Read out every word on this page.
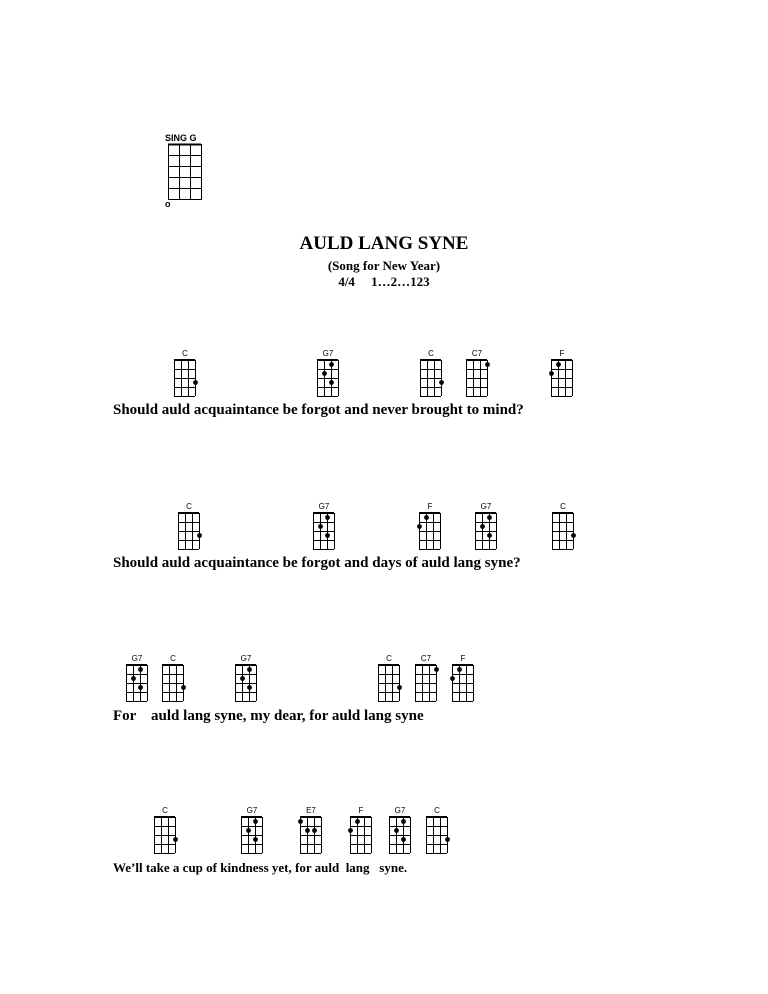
SING G
o
AULD LANG SYNE

(Song for New Year)

4/4     1…2…123

C	G7	C	C7	F

Should auld acquaintance be forgot and never brought to mind?

C	G7	F	G7	C

Should auld acquaintance be forgot and days of auld lang syne?

G7	C	G7	C	C7	F

For    auld lang syne, my dear, for auld lang syne

C	G7	E7	F	G7	C

We’ll take a cup of kindness yet, for auld  lang   syne.
